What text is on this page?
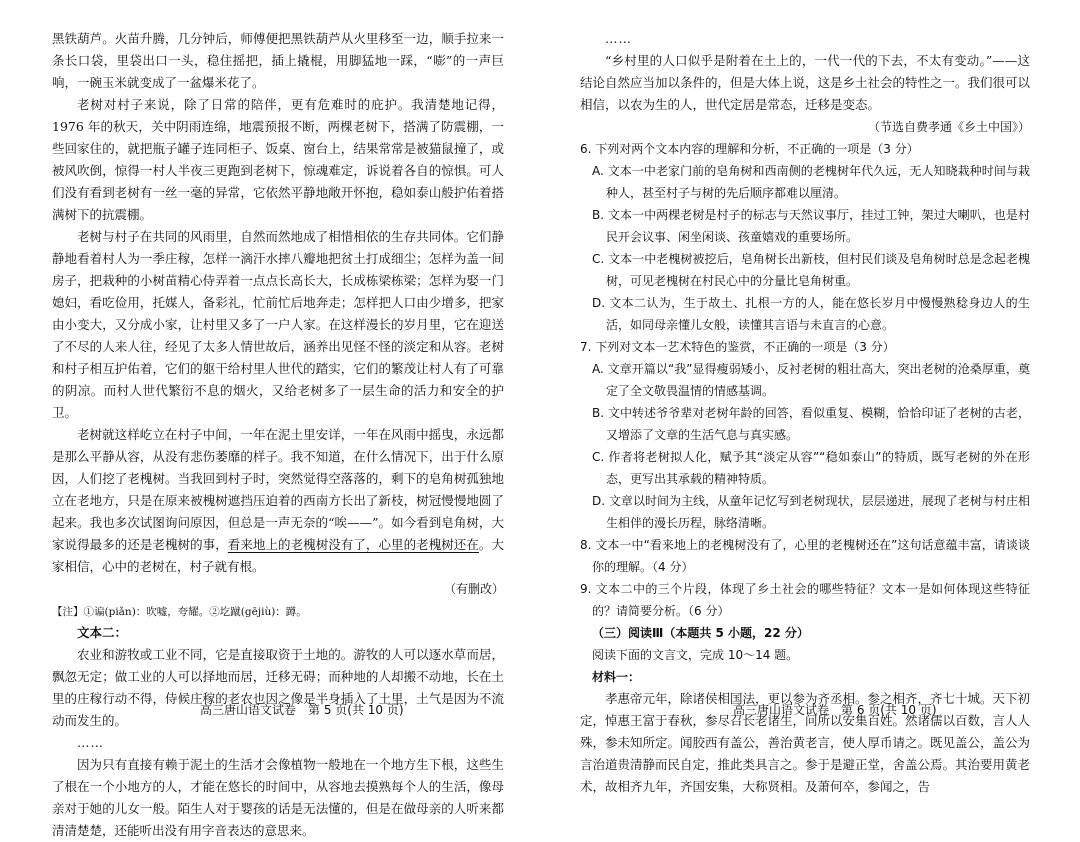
黑铁葫芦。火苗升腾，几分钟后，师傅便把黑铁葫芦从火里移至一边，顺手拉来一条长口袋，里袋出口一头，稳住摇把，插上撬棍，用脚猛地一踩，“嘭”的一声巨响，一碗玉米就变成了一盆爆米花了。

老树对村子来说，除了日常的陪伴，更有危难时的庇护。我清楚地记得，1976 年的秋天，关中阴雨连绵，地震预报不断，两棵老树下，搭满了防震棚，一些回家住的，就把瓶子罐子连同柜子、饭桌、窗台上，结果常常是被猫鼠撞了，或被风吹倒，惊得一村人半夜三更跑到老树下，惊魂难定，诉说着各自的惊惧。可人们没有看到老树有一丝一毫的异常，它依然平静地敞开怀抱，稳如泰山般护佑着搭满树下的抗震棚。

老树与村子在共同的风雨里，自然而然地成了相惜相依的生存共同体。它们静静地看着村人为一季庄稼，怎样一滴汗水摔八瓣地把贫土打成细尘；怎样为盖一间房子，把栽种的小树苗精心侍弄着一点点长高长大，长成栋梁栋梁；怎样为娶一门媳妇，看吃俭用，托媒人，备彩礼，忙前忙后地奔走；怎样把人口由少增多，把家由小变大，又分成小家，让村里又多了一户人家。在这样漫长的岁月里，它在迎送了不尽的人来人往，经见了太多人情世故后，涵养出见怪不怪的淡定和从容。老树和村子相互护佑着，它们的躯干给村里人世代的踏实，它们的繁茂让村人有了可靠的阴凉。而村人世代繁衍不息的烟火，又给老树多了一层生命的活力和安全的护卫。

老树就这样屹立在村子中间，一年在泥土里安详，一年在风雨中摇曳，永远都是那么平静从容，从没有悲伤萎靡的样子。我不知道，在什么情况下，出于什么原因，人们挖了老槐树。当我回到村子时，突然觉得空落落的，剩下的皂角树孤独地立在老地方，只是在原来被槐树遮挡压迫着的西南方长出了新枝，树冠慢慢地圆了起来。我也多次试图询问原因，但总是一声无奈的“唉——”。如今看到皂角树，大家说得最多的还是老槐树的事，看来地上的老槐树没有了，心里的老槐树还在。大家相信，心中的老树在，村子就有根。

（有删改）

【注】①谝(piǎn)：吹嘘，夸耀。②圪蹴(gējiù)：蹲。

文本二：

农业和游牧或工业不同，它是直接取资于土地的。游牧的人可以逐水草而居，飘忽无定；做工业的人可以择地而居，迁移无碍；而种地的人却搬不动地，长在土里的庄稼行动不得，侍候庄稼的老农也因之像是半身插入了土里，土气是因为不流动而发生的。

……

因为只有直接有赖于泥土的生活才会像植物一般地在一个地方生下根，这些生了根在一个小地方的人，才能在悠长的时间中，从容地去摸熟每个人的生活，像母亲对于她的儿女一般。陌生人对于婴孩的话是无法懂的，但是在做母亲的人听来都清清楚楚，还能听出没有用字音表达的意思来。

……

“乡村里的人口似乎是附着在土上的，一代一代的下去，不太有变动。”——这结论自然应当加以条件的，但是大体上说，这是乡土社会的特性之一。我们很可以相信，以农为生的人，世代定居是常态，迁移是变态。

（节选自费孝通《乡土中国》）

6. 下列对两个文本内容的理解和分析，不正确的一项是（3 分）

A. 文本一中老家门前的皂角树和西南侧的老槐树年代久远，无人知晓栽种时间与栽种人，甚至村子与树的先后顺序都难以厘清。

B. 文本一中两棵老树是村子的标志与天然议事厅，挂过工钟，架过大喇叭，也是村民开会议事、闲坐闲谈、孩童嬉戏的重要场所。

C. 文本一中老槐树被挖后，皂角树长出新枝，但村民们谈及皂角树时总是念起老槐树，可见老槐树在村民心中的分量比皂角树重。

D. 文本二认为，生于故土、扎根一方的人，能在悠长岁月中慢慢熟稔身边人的生活，如同母亲懂儿女般，读懂其言语与未直言的心意。

7. 下列对文本一艺术特色的鉴赏，不正确的一项是（3 分）

A. 文章开篇以“我”显得瘦弱矮小，反衬老树的粗壮高大，突出老树的沧桑厚重，奠定了全文敬畏温情的情感基调。

B. 文中转述爷爷辈对老树年龄的回答，看似重复、模糊，恰恰印证了老树的古老，又增添了文章的生活气息与真实感。

C. 作者将老树拟人化，赋予其“淡定从容”“稳如泰山”的特质，既写老树的外在形态，更写出其承载的精神特质。

D. 文章以时间为主线，从童年记忆写到老树现状，层层递进，展现了老树与村庄相生相伴的漫长历程，脉络清晰。

8. 文本一中“看来地上的老槐树没有了，心里的老槐树还在”这句话意蕴丰富，请谈谈你的理解。（4 分）

9. 文本二中的三个片段，体现了乡土社会的哪些特征？文本一是如何体现这些特征的？请简要分析。（6 分）

（三）阅读Ⅲ（本题共 5 小题，22 分）

阅读下面的文言文，完成 10～14 题。

材料一：

孝惠帝元年，除诸侯相国法，更以参为齐丞相。参之相齐，齐七十城。天下初定，悼惠王富于春秋，参尽召长老诸生，问所以安集百姓。然诸儒以百数，言人人殊，参未知所定。闻胶西有盖公，善治黄老言，使人厚币请之。既见盖公，盖公为言治道贵清静而民自定，推此类具言之。参于是避正堂，舍盖公焉。其治要用黄老术，故相齐九年，齐国安集，大称贤相。及萧何卒，参闻之，告

高三唐山语文试卷　第 5 页(共 10 页)	高三唐山语文试卷　第 6 页(共 10 页)
